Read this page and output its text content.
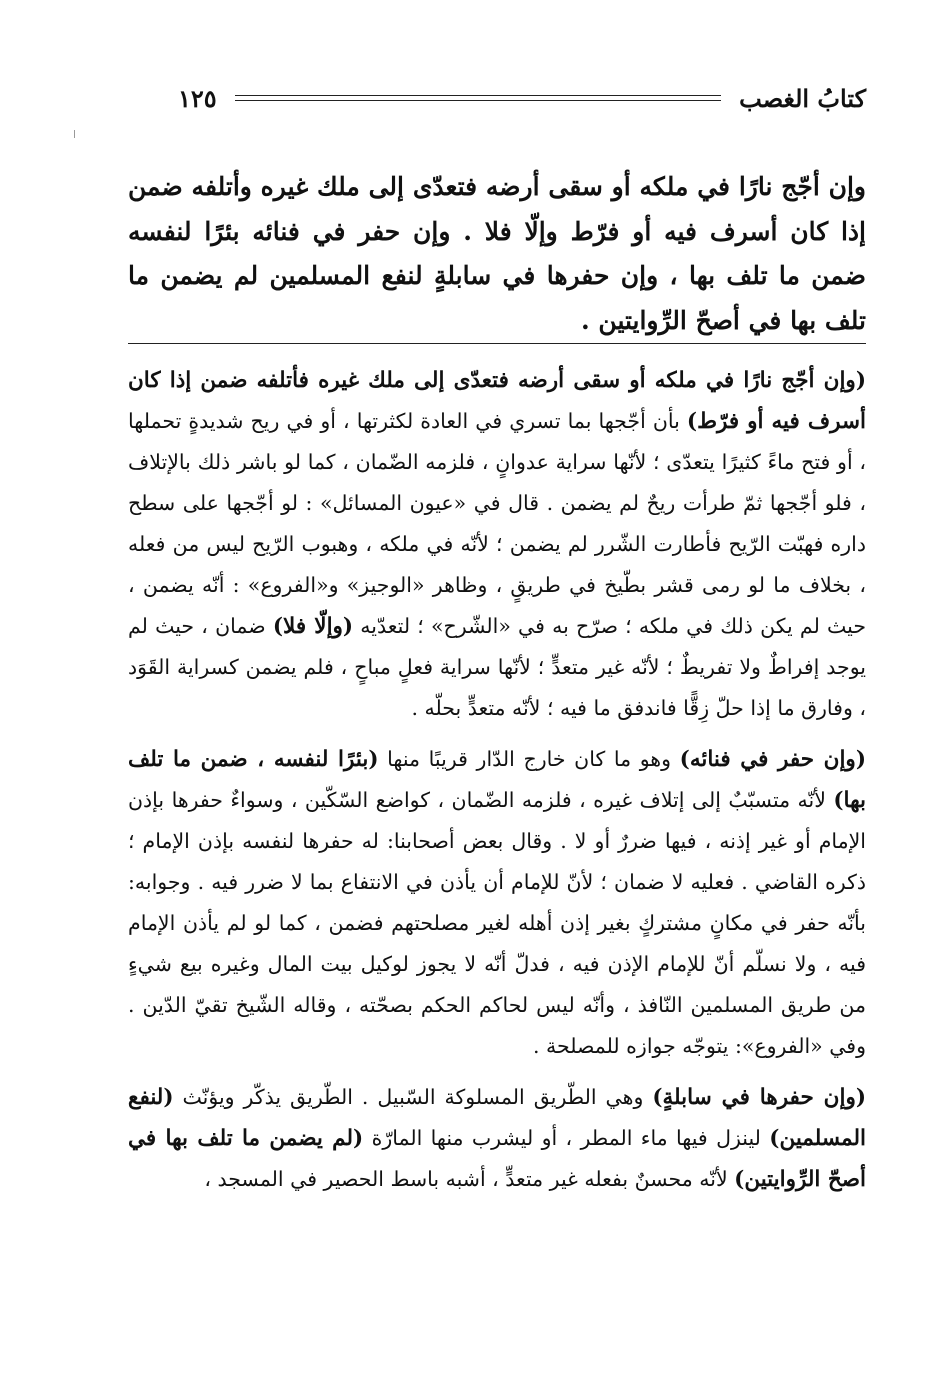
كتابُ الغصب
١٢٥
وإن أجّج نارًا في ملكه أو سقى أرضه فتعدّى إلى ملك غيره وأتلفه ضمن إذا كان أسرف فيه أو فرّط وإلّا فلا . وإن حفر في فنائه بئرًا لنفسه ضمن ما تلف بها ، وإن حفرها في سابلةٍ لنفع المسلمين لم يضمن ما تلف بها في أصحّ الرِّوايتين .

(وإن أجّج نارًا في ملكه أو سقى أرضه فتعدّى إلى ملك غيره فأتلفه ضمن إذا كان أسرف فيه أو فرّط) بأن أجّجها بما تسري في العادة لكثرتها ، أو في ريح شديدةٍ تحملها ، أو فتح ماءً كثيرًا يتعدّى ؛ لأنّها سراية عدوانٍ ، فلزمه الضّمان ، كما لو باشر ذلك بالإتلاف ، فلو أجّجها ثمّ طرأت ريحٌ لم يضمن . قال في «عيون المسائل» : لو أجّجها على سطح داره فهبّت الرّيح فأطارت الشّرر لم يضمن ؛ لأنّه في ملكه ، وهبوب الرّيح ليس من فعله ، بخلاف ما لو رمى قشر بطّيخ في طريقٍ ، وظاهر «الوجيز» و«الفروع» : أنّه يضمن ، حيث لم يكن ذلك في ملكه ؛ صرّح به في «الشّرح» ؛ لتعدّيه (وإلّا فلا) ضمان ، حيث لم يوجد إفراطٌ ولا تفريطٌ ؛ لأنّه غير متعدٍّ ؛ لأنّها سراية فعلٍ مباحٍ ، فلم يضمن كسراية القَوَد ، وفارق ما إذا حلّ زِقًّا فاندفق ما فيه ؛ لأنّه متعدٍّ بحلّه .

(وإن حفر في فنائه) وهو ما كان خارج الدّار قريبًا منها (بئرًا لنفسه ، ضمن ما تلف بها) لأنّه متسبّبٌ إلى إتلاف غيره ، فلزمه الضّمان ، كواضع السّكّين ، وسواءٌ حفرها بإذن الإمام أو غير إذنه ، فيها ضررٌ أو لا . وقال بعض أصحابنا: له حفرها لنفسه بإذن الإمام ؛ ذكره القاضي . فعليه لا ضمان ؛ لأنّ للإمام أن يأذن في الانتفاع بما لا ضرر فيه . وجوابه: بأنّه حفر في مكانٍ مشتركٍ بغير إذن أهله لغير مصلحتهم فضمن ، كما لو لم يأذن الإمام فيه ، ولا نسلّم أنّ للإمام الإذن فيه ، فدلّ أنّه لا يجوز لوكيل بيت المال وغيره بيع شيءٍ من طريق المسلمين النّافذ ، وأنّه ليس لحاكم الحكم بصحّته ، وقاله الشّيخ تقيّ الدّين . وفي «الفروع»: يتوجّه جوازه للمصلحة .

(وإن حفرها في سابلةٍ) وهي الطّريق المسلوكة السّبيل . الطّريق يذكّر ويؤنّث (لنفع المسلمين) لينزل فيها ماء المطر ، أو ليشرب منها المارّة (لم يضمن ما تلف بها في أصحّ الرِّوايتين) لأنّه محسنٌ بفعله غير متعدٍّ ، أشبه باسط الحصير في المسجد ،
